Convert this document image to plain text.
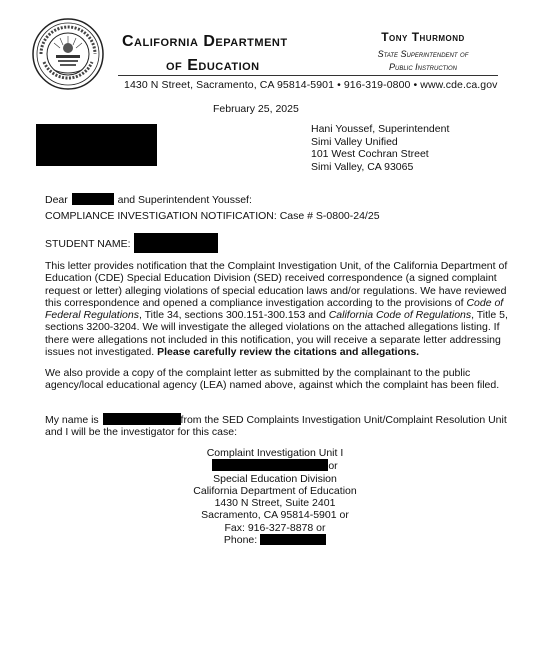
California Department
of Education
Tony Thurmond
State Superintendent of
Public Instruction
1430 N Street, Sacramento, CA 95814-5901 • 916-319-0800 • www.cde.ca.gov
February 25, 2025
Hani Youssef, Superintendent
Simi Valley Unified
101 West Cochran Street
Simi Valley, CA 93065
Dear	and Superintendent Youssef:
COMPLIANCE INVESTIGATION NOTIFICATION: Case # S-0800-24/25
STUDENT NAME:
This letter provides notification that the Complaint Investigation Unit, of the California Department of Education (CDE) Special Education Division (SED) received correspondence (a signed complaint request or letter) alleging violations of special education laws and/or regulations. We have reviewed this correspondence and opened a compliance investigation according to the provisions of Code of Federal Regulations, Title 34, sections 300.151-300.153 and California Code of Regulations, Title 5, sections 3200-3204. We will investigate the alleged violations on the attached allegations listing. If there were allegations not included in this notification, you will receive a separate letter addressing issues not investigated. Please carefully review the citations and allegations.
We also provide a copy of the complaint letter as submitted by the complainant to the public agency/local educational agency (LEA) named above, against which the complaint has been filed.
My name is	from the SED Complaints Investigation Unit/Complaint Resolution Unit and I will be the investigator for this case:
Complaint Investigation Unit I
or
Special Education Division
California Department of Education
1430 N Street, Suite 2401
Sacramento, CA 95814-5901 or
Fax: 916-327-8878 or
Phone:
